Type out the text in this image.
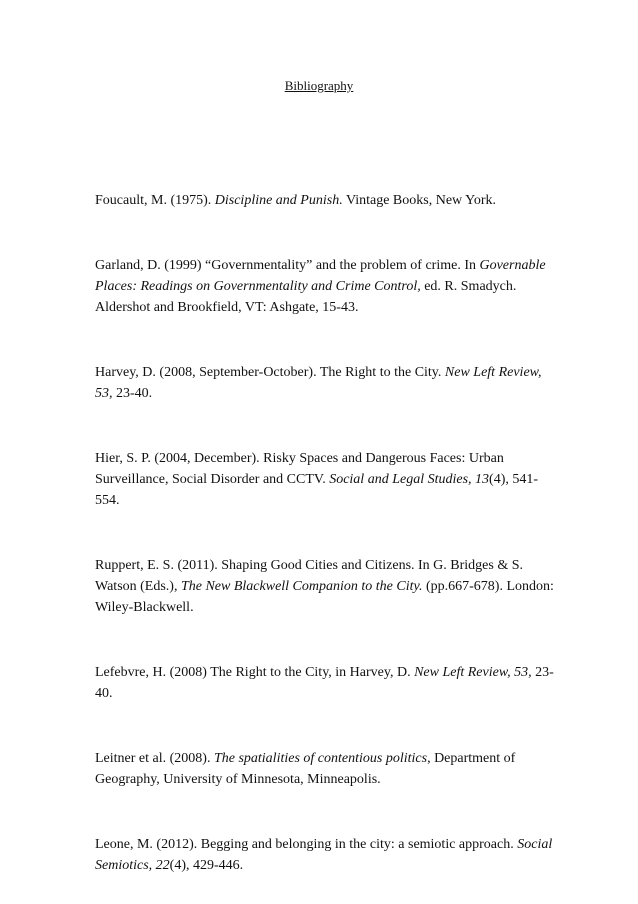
Bibliography
Foucault, M. (1975). Discipline and Punish. Vintage Books, New York.
Garland, D. (1999) “Governmentality” and the problem of crime. In Governable Places: Readings on Governmentality and Crime Control, ed. R. Smadych. Aldershot and Brookfield, VT: Ashgate, 15-43.
Harvey, D. (2008, September-October). The Right to the City. New Left Review, 53, 23-40.
Hier, S. P. (2004, December). Risky Spaces and Dangerous Faces: Urban Surveillance, Social Disorder and CCTV. Social and Legal Studies, 13(4), 541-554.
Ruppert, E. S. (2011). Shaping Good Cities and Citizens. In G. Bridges & S. Watson (Eds.), The New Blackwell Companion to the City. (pp.667-678). London: Wiley-Blackwell.
Lefebvre, H. (2008) The Right to the City, in Harvey, D. New Left Review, 53, 23-40.
Leitner et al. (2008). The spatialities of contentious politics, Department of Geography, University of Minnesota, Minneapolis.
Leone, M. (2012). Begging and belonging in the city: a semiotic approach. Social Semiotics, 22(4), 429-446.
